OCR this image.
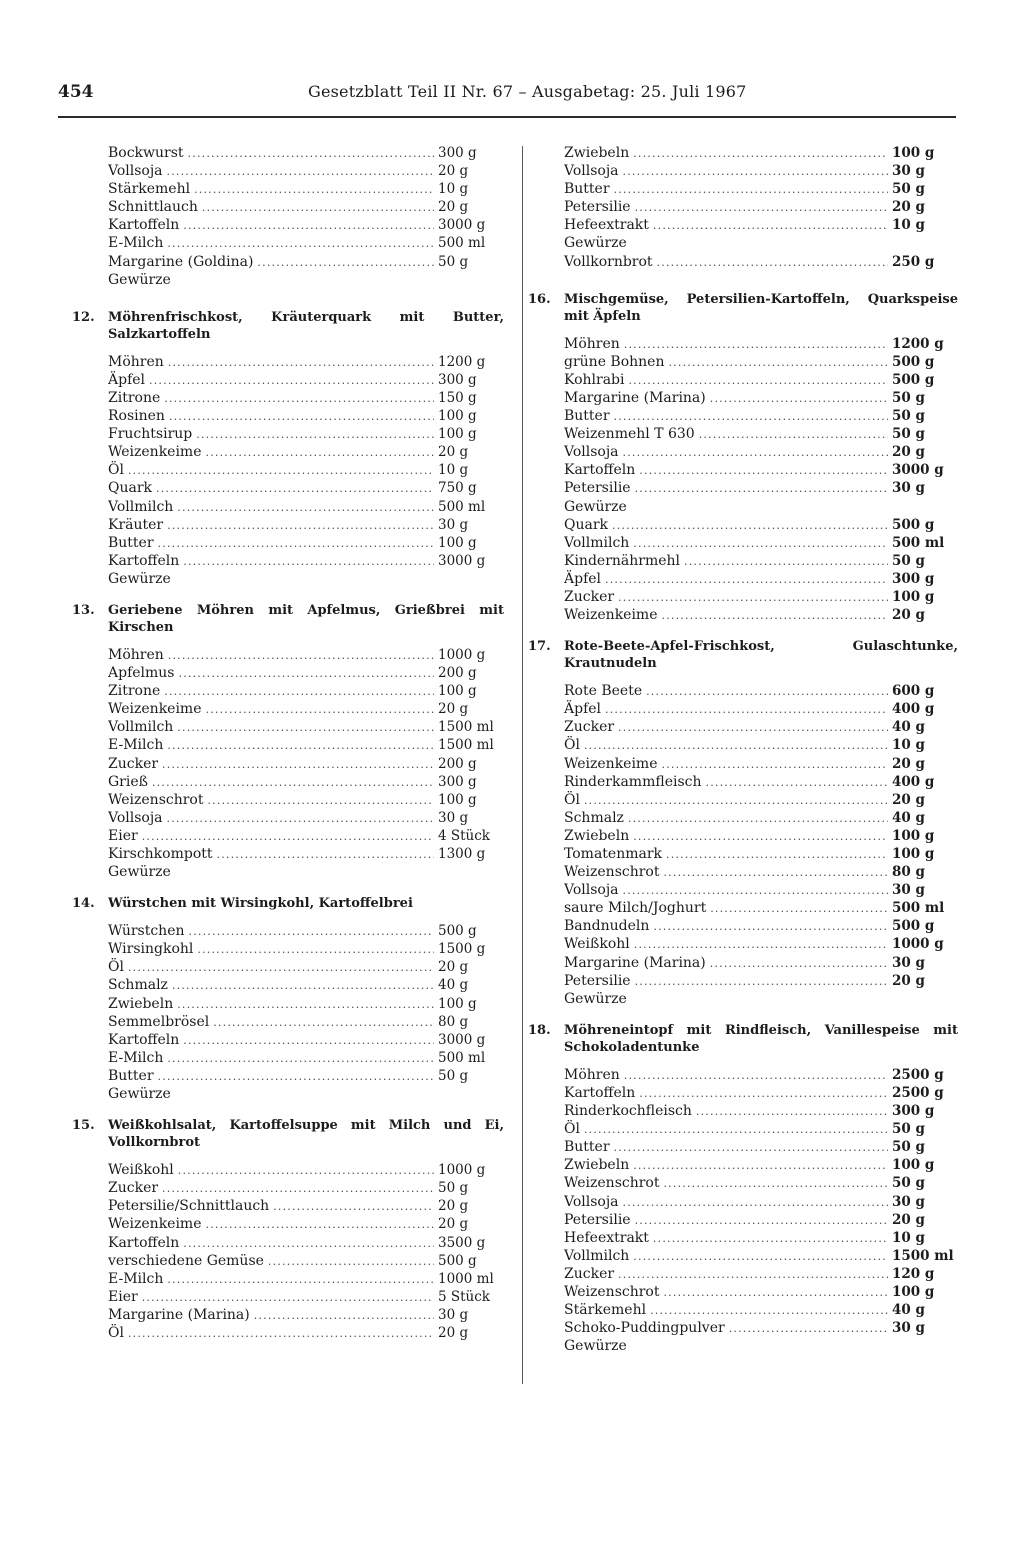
454	Gesetzblatt Teil II Nr. 67 – Ausgabetag: 25. Juli 1967
Bockwurst .....	300 g
Vollsoja .....	20 g
Stärkemehl .....	10 g
Schnittlauch .....	20 g
Kartoffeln .....	3000 g
E-Milch .....	500 ml
Margarine (Goldina) .....	50 g
Gewürze
12.	Möhrenfrischkost, Kräuterquark mit Butter, Salzkartoffeln
Möhren .....	1200 g
Äpfel .....	300 g
Zitrone .....	150 g
Rosinen .....	100 g
Fruchtsirup .....	100 g
Weizenkeime .....	20 g
Öl .....	10 g
Quark .....	750 g
Vollmilch .....	500 ml
Kräuter .....	30 g
Butter .....	100 g
Kartoffeln .....	3000 g
Gewürze
13.	Geriebene Möhren mit Apfelmus, Grießbrei mit Kirschen
Möhren .....	1000 g
Apfelmus .....	200 g
Zitrone .....	100 g
Weizenkeime .....	20 g
Vollmilch .....	1500 ml
E-Milch .....	1500 ml
Zucker .....	200 g
Grieß .....	300 g
Weizenschrot .....	100 g
Vollsoja .....	30 g
Eier .....	4 Stück
Kirschkompott .....	1300 g
Gewürze
14.	Würstchen mit Wirsingkohl, Kartoffelbrei
Würstchen .....	500 g
Wirsingkohl .....	1500 g
Öl .....	20 g
Schmalz .....	40 g
Zwiebeln .....	100 g
Semmelbrösel .....	80 g
Kartoffeln .....	3000 g
E-Milch .....	500 ml
Butter .....	50 g
Gewürze
15.	Weißkohlsalat, Kartoffelsuppe mit Milch und Ei, Vollkornbrot
Weißkohl .....	1000 g
Zucker .....	50 g
Petersilie/Schnittlauch .....	20 g
Weizenkeime .....	20 g
Kartoffeln .....	3500 g
verschiedene Gemüse .....	500 g
E-Milch .....	1000 ml
Eier .....	5 Stück
Margarine (Marina) .....	30 g
Öl .....	20 g
Zwiebeln .....	100 g
Vollsoja .....	30 g
Butter .....	50 g
Petersilie .....	20 g
Hefeextrakt .....	10 g
Gewürze
Vollkornbrot .....	250 g
16.	Mischgemüse, Petersilien-Kartoffeln, Quarkspeise mit Äpfeln
Möhren .....	1200 g
grüne Bohnen .....	500 g
Kohlrabi .....	500 g
Margarine (Marina) .....	50 g
Butter .....	50 g
Weizenmehl T 630 .....	50 g
Vollsoja .....	20 g
Kartoffeln .....	3000 g
Petersilie .....	30 g
Gewürze
Quark .....	500 g
Vollmilch .....	500 ml
Kindernährmehl .....	50 g
Äpfel .....	300 g
Zucker .....	100 g
Weizenkeime .....	20 g
17.	Rote-Beete-Apfel-Frischkost, Gulaschtunke, Krautnudeln
Rote Beete .....	600 g
Äpfel .....	400 g
Zucker .....	40 g
Öl .....	10 g
Weizenkeime .....	20 g
Rinderkammfleisch .....	400 g
Öl .....	20 g
Schmalz .....	40 g
Zwiebeln .....	100 g
Tomatenmark .....	100 g
Weizenschrot .....	80 g
Vollsoja .....	30 g
saure Milch/Joghurt .....	500 ml
Bandnudeln .....	500 g
Weißkohl .....	1000 g
Margarine (Marina) .....	30 g
Petersilie .....	20 g
Gewürze
18.	Möhreneintopf mit Rindfleisch, Vanillespeise mit Schokoladentunke
Möhren .....	2500 g
Kartoffeln .....	2500 g
Rinderkochfleisch .....	300 g
Öl .....	50 g
Butter .....	50 g
Zwiebeln .....	100 g
Weizenschrot .....	50 g
Vollsoja .....	30 g
Petersilie .....	20 g
Hefeextrakt .....	10 g
Vollmilch .....	1500 ml
Zucker .....	120 g
Weizenschrot .....	100 g
Stärkemehl .....	40 g
Schoko-Puddingpulver .....	30 g
Gewürze
